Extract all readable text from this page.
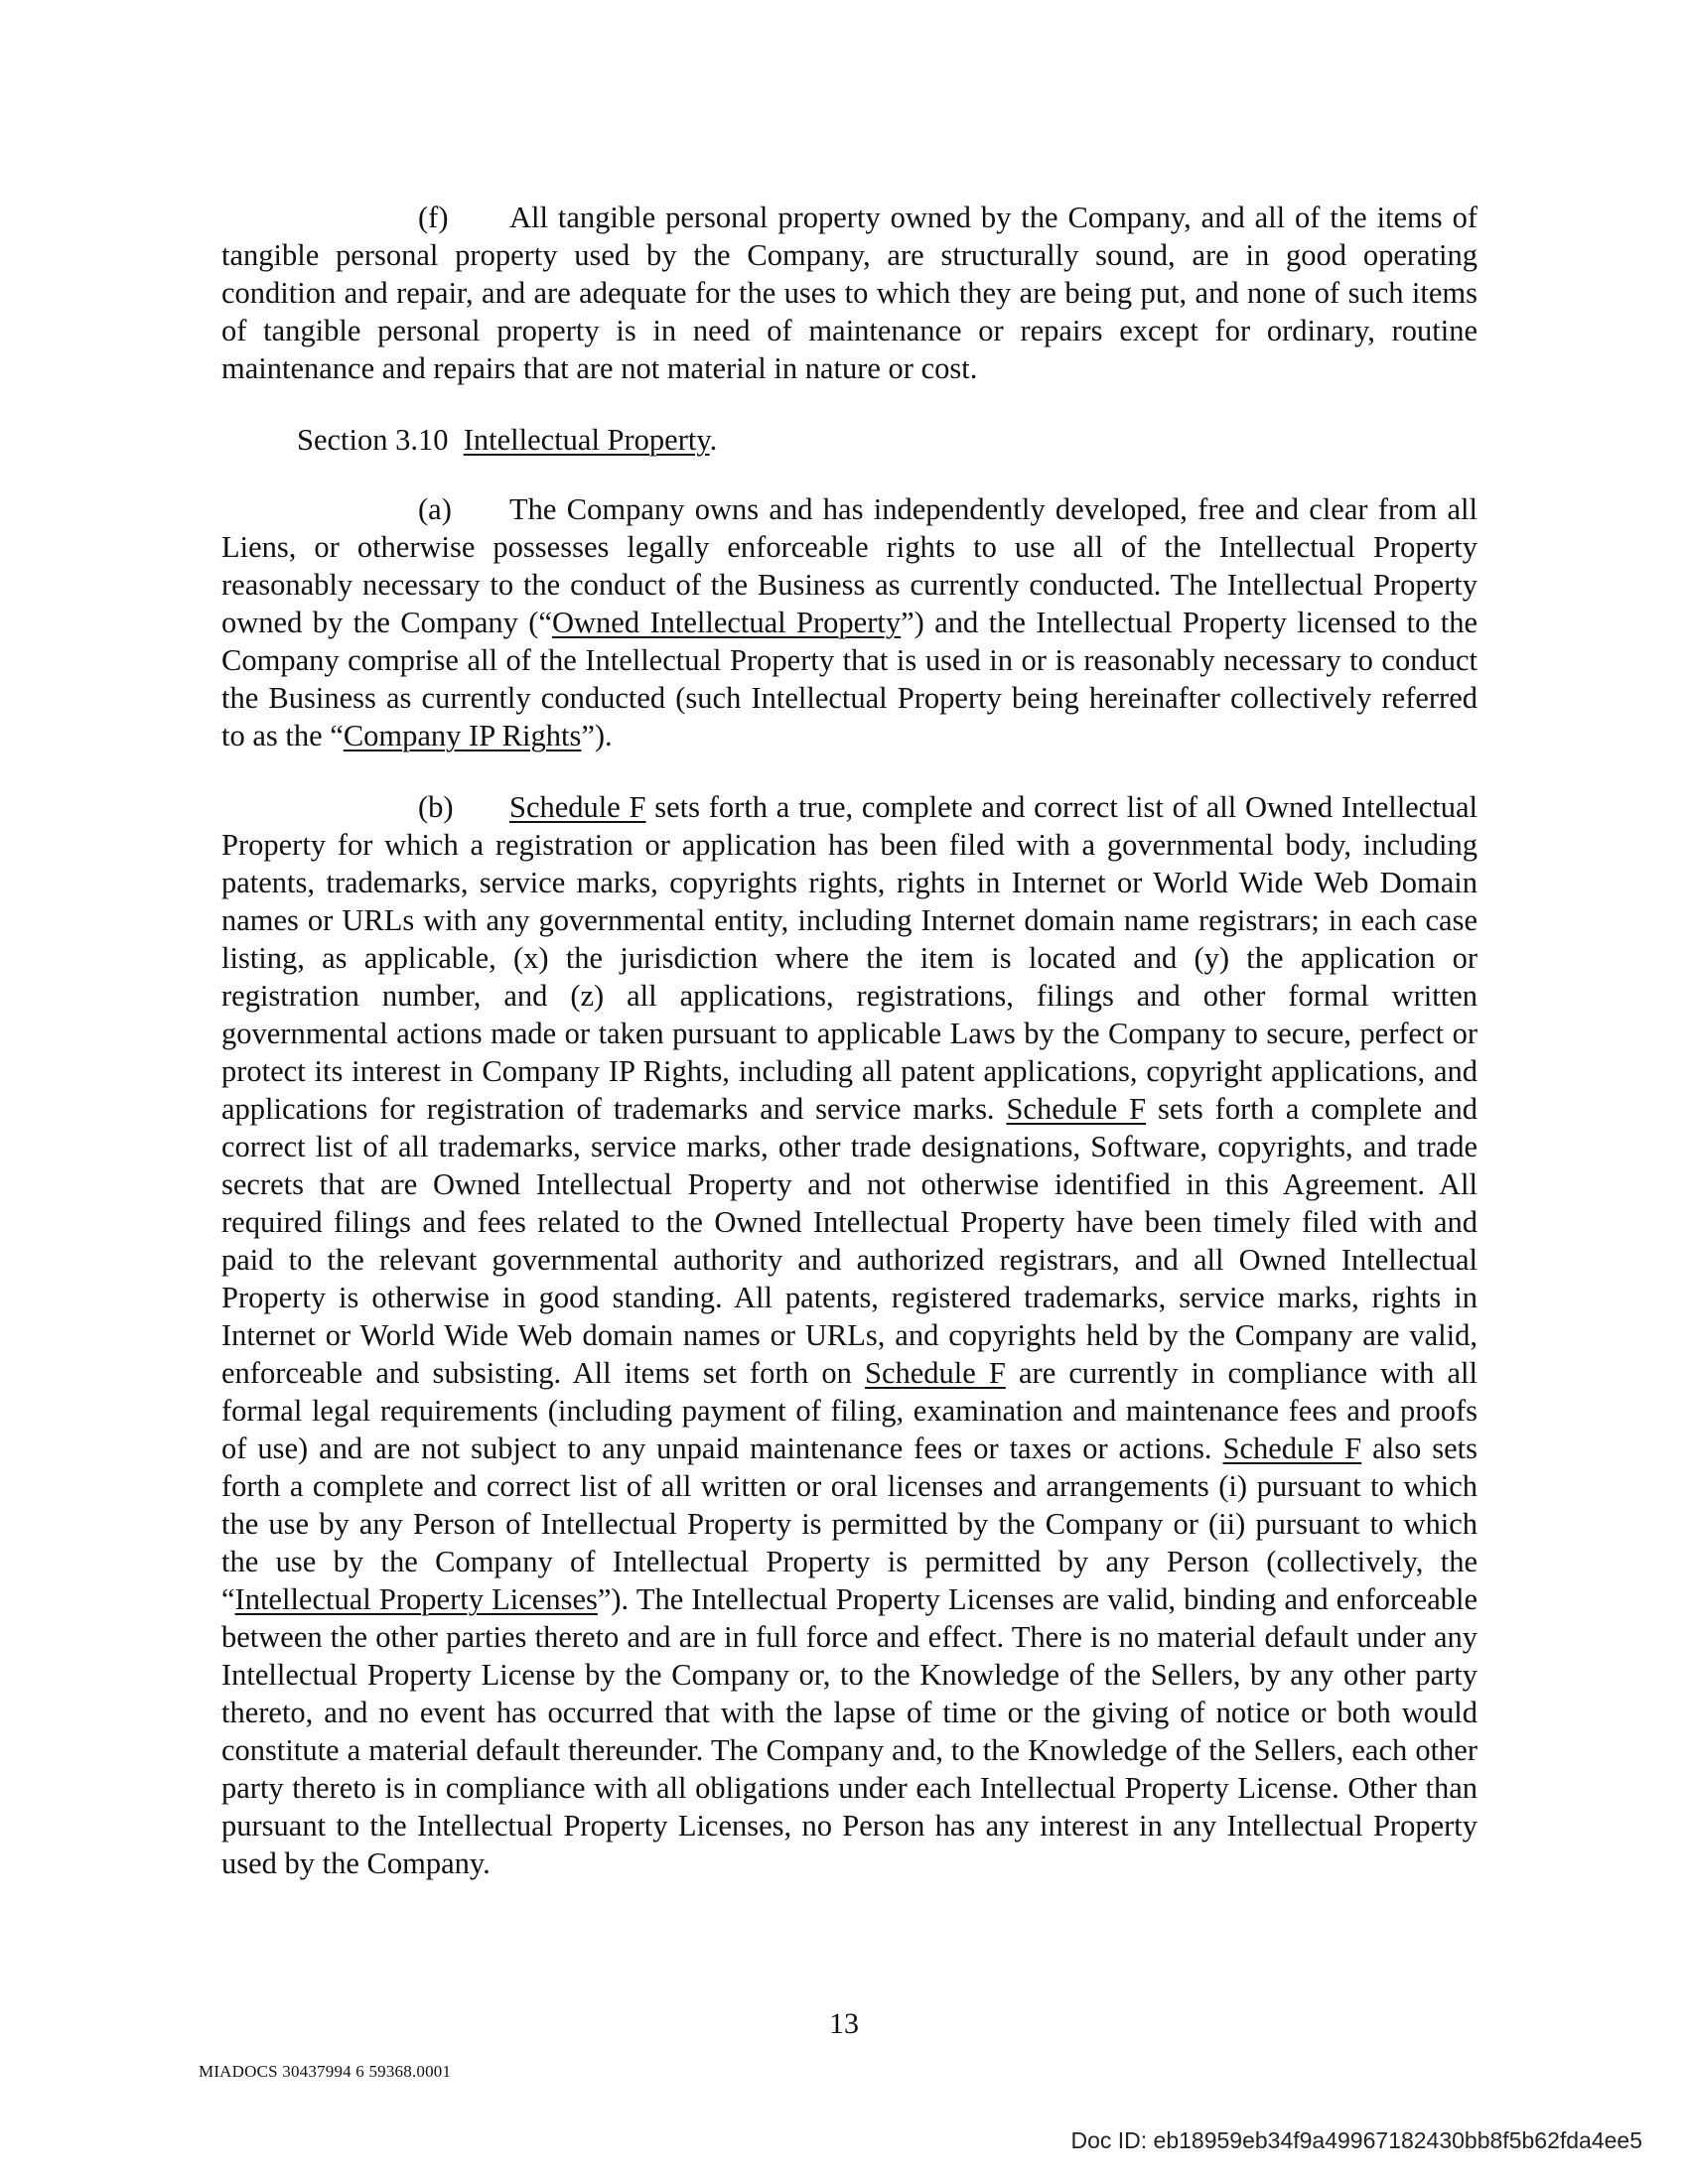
(f) All tangible personal property owned by the Company, and all of the items of tangible personal property used by the Company, are structurally sound, are in good operating condition and repair, and are adequate for the uses to which they are being put, and none of such items of tangible personal property is in need of maintenance or repairs except for ordinary, routine maintenance and repairs that are not material in nature or cost.

Section 3.10 Intellectual Property.

(a) The Company owns and has independently developed, free and clear from all Liens, or otherwise possesses legally enforceable rights to use all of the Intellectual Property reasonably necessary to the conduct of the Business as currently conducted. The Intellectual Property owned by the Company (“Owned Intellectual Property”) and the Intellectual Property licensed to the Company comprise all of the Intellectual Property that is used in or is reasonably necessary to conduct the Business as currently conducted (such Intellectual Property being hereinafter collectively referred to as the “Company IP Rights”).

(b) Schedule F sets forth a true, complete and correct list of all Owned Intellectual Property for which a registration or application has been filed with a governmental body, including patents, trademarks, service marks, copyrights rights, rights in Internet or World Wide Web Domain names or URLs with any governmental entity, including Internet domain name registrars; in each case listing, as applicable, (x) the jurisdiction where the item is located and (y) the application or registration number, and (z) all applications, registrations, filings and other formal written governmental actions made or taken pursuant to applicable Laws by the Company to secure, perfect or protect its interest in Company IP Rights, including all patent applications, copyright applications, and applications for registration of trademarks and service marks. Schedule F sets forth a complete and correct list of all trademarks, service marks, other trade designations, Software, copyrights, and trade secrets that are Owned Intellectual Property and not otherwise identified in this Agreement. All required filings and fees related to the Owned Intellectual Property have been timely filed with and paid to the relevant governmental authority and authorized registrars, and all Owned Intellectual Property is otherwise in good standing. All patents, registered trademarks, service marks, rights in Internet or World Wide Web domain names or URLs, and copyrights held by the Company are valid, enforceable and subsisting. All items set forth on Schedule F are currently in compliance with all formal legal requirements (including payment of filing, examination and maintenance fees and proofs of use) and are not subject to any unpaid maintenance fees or taxes or actions. Schedule F also sets forth a complete and correct list of all written or oral licenses and arrangements (i) pursuant to which the use by any Person of Intellectual Property is permitted by the Company or (ii) pursuant to which the use by the Company of Intellectual Property is permitted by any Person (collectively, the “Intellectual Property Licenses”). The Intellectual Property Licenses are valid, binding and enforceable between the other parties thereto and are in full force and effect. There is no material default under any Intellectual Property License by the Company or, to the Knowledge of the Sellers, by any other party thereto, and no event has occurred that with the lapse of time or the giving of notice or both would constitute a material default thereunder. The Company and, to the Knowledge of the Sellers, each other party thereto is in compliance with all obligations under each Intellectual Property License. Other than pursuant to the Intellectual Property Licenses, no Person has any interest in any Intellectual Property used by the Company.

13
MIADOCS 30437994 6 59368.0001
Doc ID: eb18959eb34f9a49967182430bb8f5b62fda4ee5
